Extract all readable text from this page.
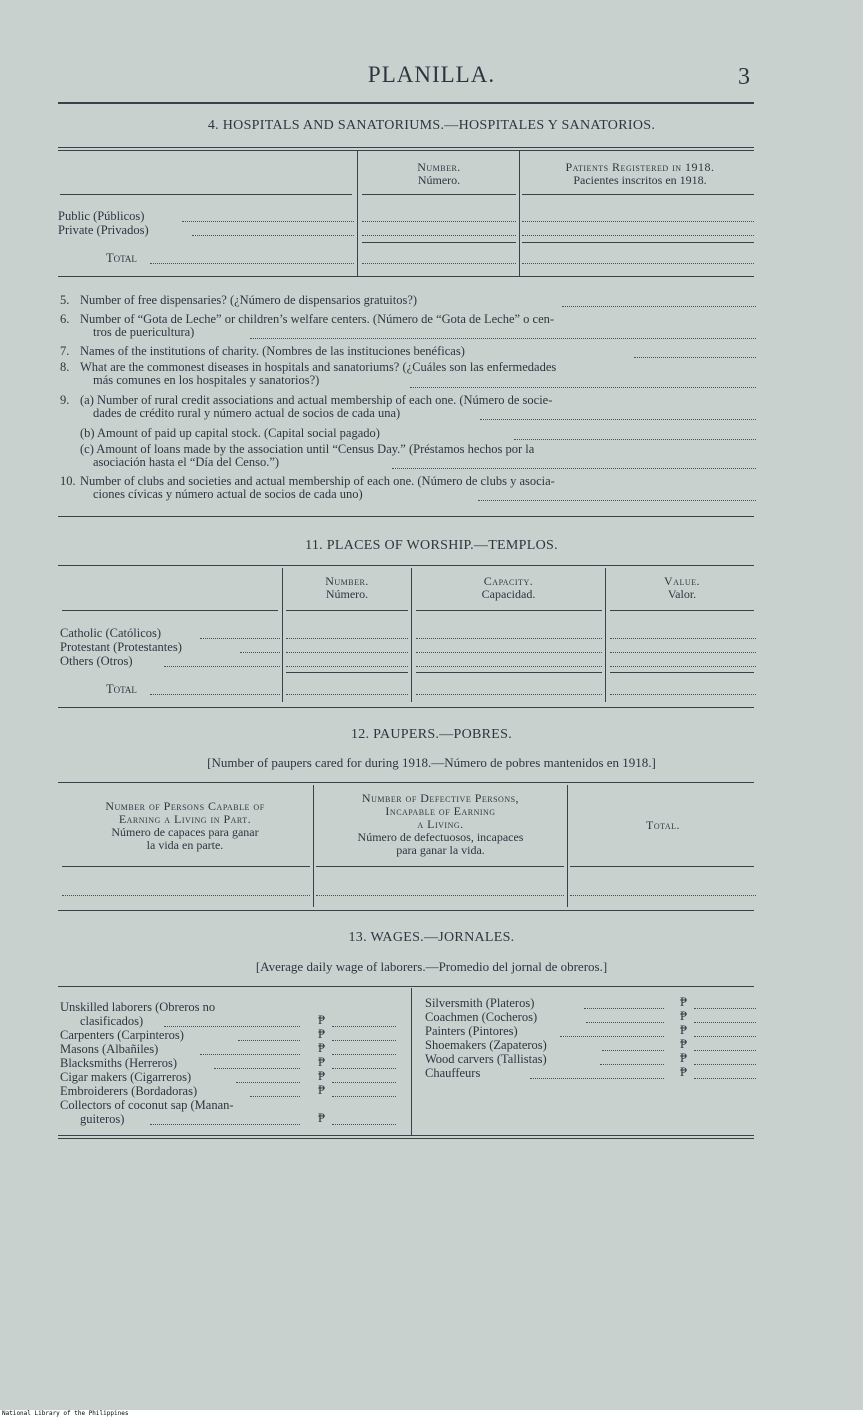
PLANILLA.	3
4. HOSPITALS AND SANATORIUMS.—HOSPITALES Y SANATORIOS.
Number.
Número.
Patients Registered in 1918.
Pacientes inscritos en 1918.
Public (Públicos)
Private (Privados)
Total
5. Number of free dispensaries? (¿Número de dispensarios gratuitos?)
6. Number of “Gota de Leche” or children’s welfare centers. (Número de “Gota de Leche” o cen-
tros de puericultura)
7. Names of the institutions of charity. (Nombres de las instituciones benéficas)
8. What are the commonest diseases in hospitals and sanatoriums? (¿Cuáles son las enfermedades
más comunes en los hospitales y sanatorios?)
9. (a) Number of rural credit associations and actual membership of each one. (Número de socie-
dades de crédito rural y número actual de socios de cada una)
(b) Amount of paid up capital stock. (Capital social pagado)
(c) Amount of loans made by the association until “Census Day.” (Préstamos hechos por la
asociación hasta el “Día del Censo.”)
10. Number of clubs and societies and actual membership of each one. (Número de clubs y asocia-
ciones cívicas y número actual de socios de cada uno)
11. PLACES OF WORSHIP.—TEMPLOS.
Number.
Número.
Capacity.
Capacidad.
Value.
Valor.
Catholic (Católicos)
Protestant (Protestantes)
Others (Otros)
Total
12. PAUPERS.—POBRES.
[Number of paupers cared for during 1918.—Número de pobres mantenidos en 1918.]
Number of Persons Capable of
Earning a Living in Part.
Número de capaces para ganar
la vida en parte.
Number of Defective Persons,
Incapable of Earning
a Living.
Número de defectuosos, incapaces
para ganar la vida.
Total.
13. WAGES.—JORNALES.
[Average daily wage of laborers.—Promedio del jornal de obreros.]
Unskilled laborers (Obreros no
clasificados)
Carpenters (Carpinteros)
Masons (Albañiles)
Blacksmiths (Herreros)
Cigar makers (Cigarreros)
Embroiderers (Bordadoras)
Collectors of coconut sap (Manan-
guiteros)
₱
₱
₱
₱
₱
₱
₱
Silversmith (Plateros)
Coachmen (Cocheros)
Painters (Pintores)
Shoemakers (Zapateros)
Wood carvers (Tallistas)
Chauffeurs
₱
₱
₱
₱
₱
₱
National Library of the Philippines
